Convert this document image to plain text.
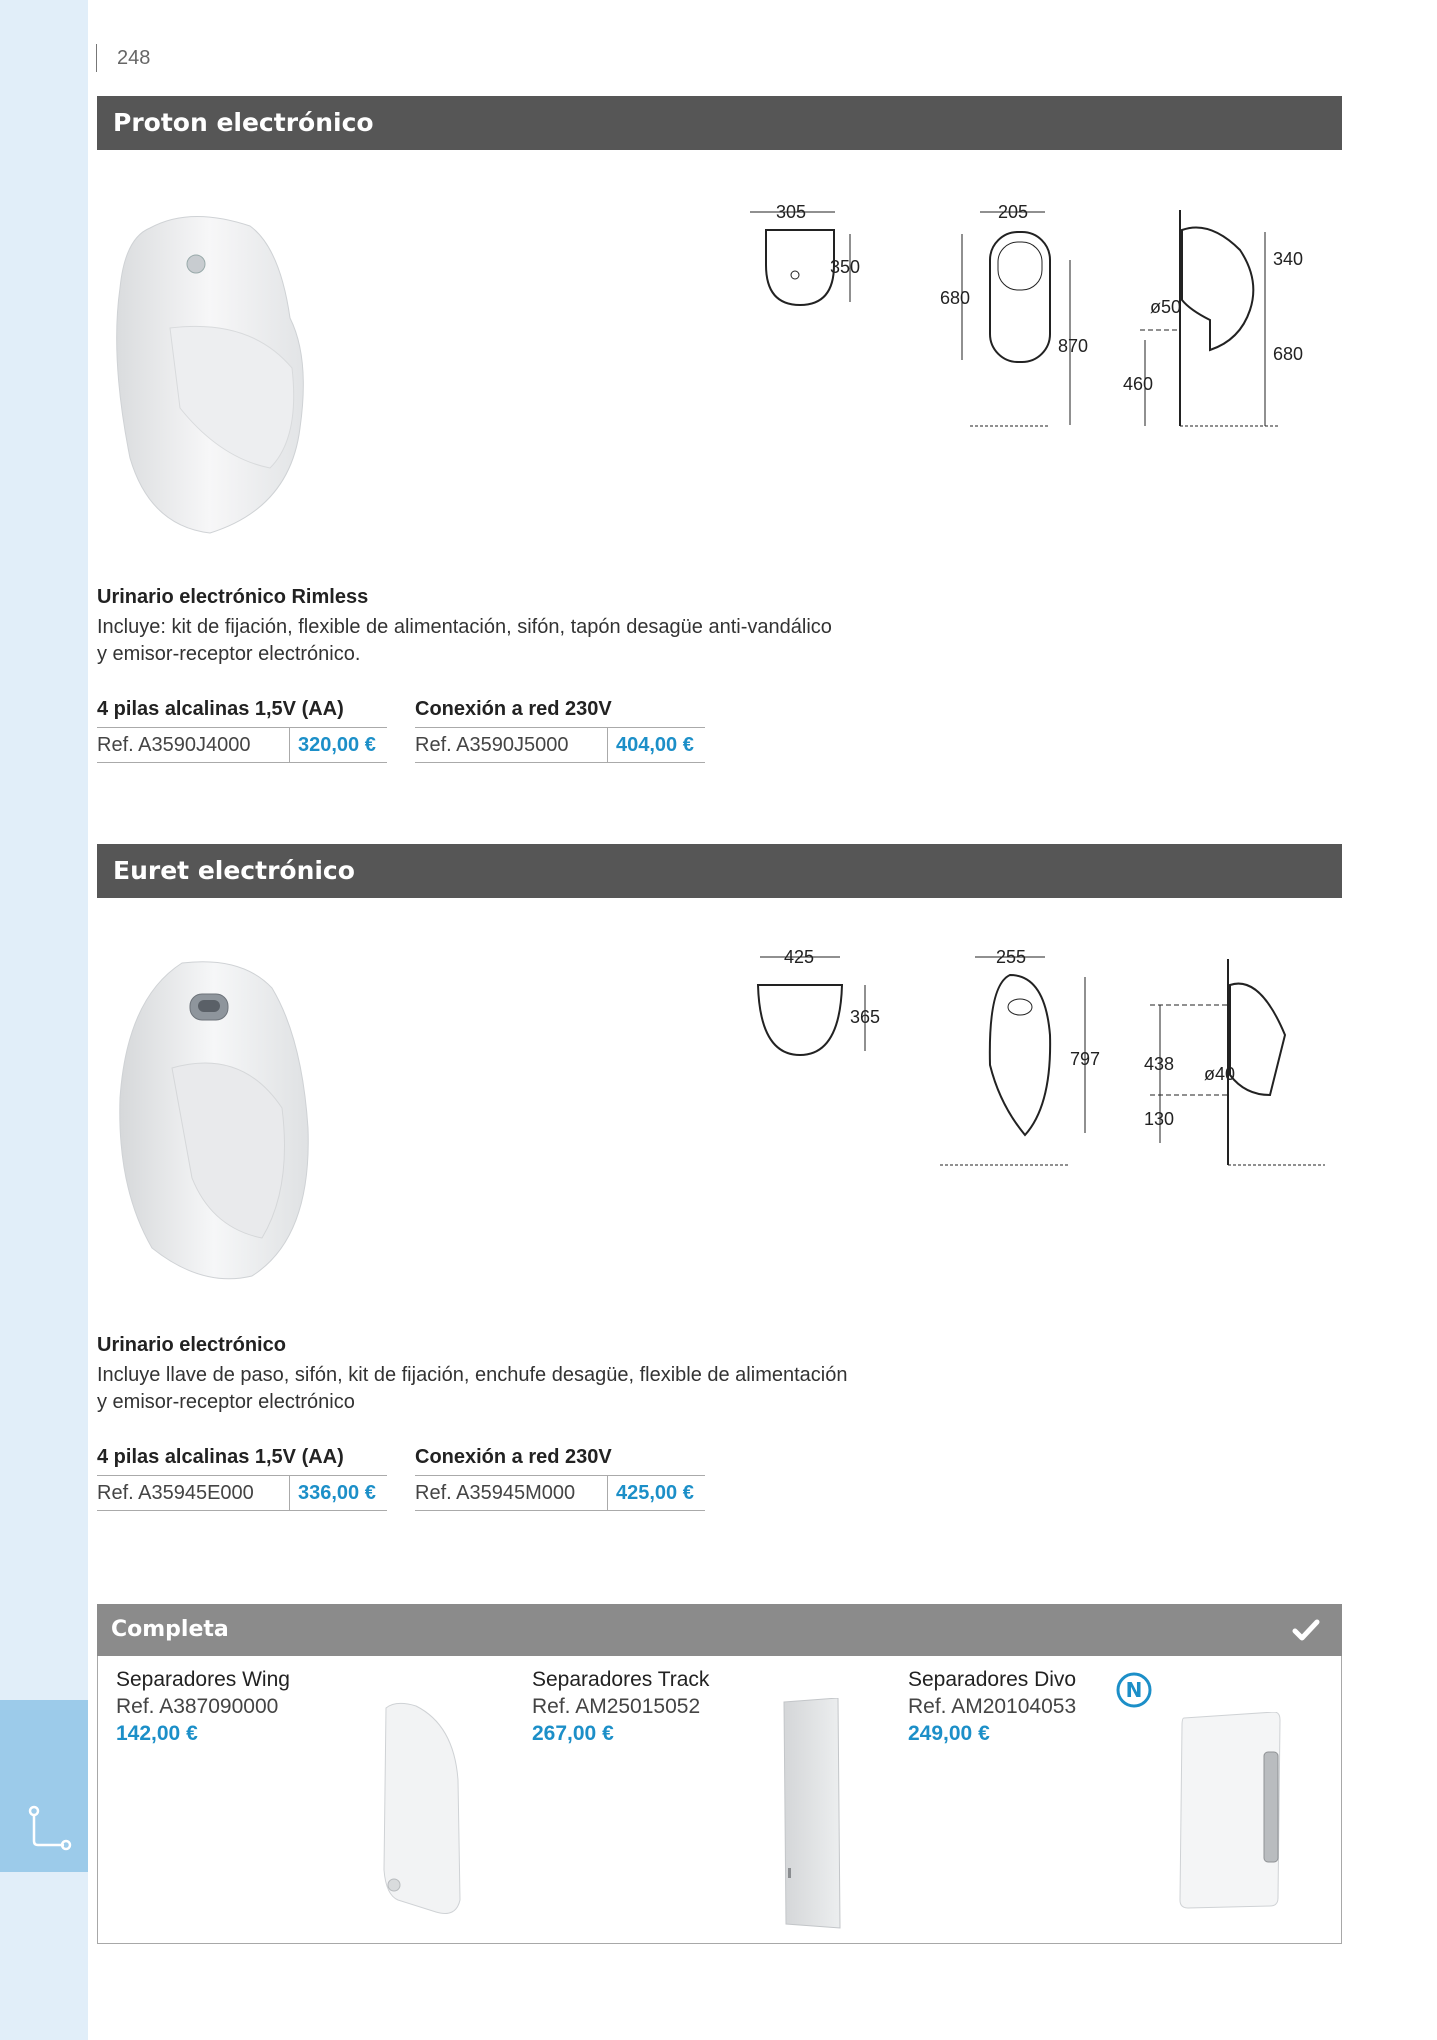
248
Proton electrónico
305
350
205
680
870
ø50
340
680
460
Urinario electrónico Rimless
Incluye: kit de fijación, flexible de alimentación, sifón, tapón desagüe anti-vandálico
y emisor-receptor electrónico.
4 pilas alcalinas 1,5V (AA)
Ref. A3590J4000	320,00 €
Conexión a red 230V
Ref. A3590J5000	404,00 €
Euret electrónico
425
365
255
797 438 ø40
130
Urinario electrónico
Incluye llave de paso, sifón, kit de fijación, enchufe desagüe, flexible de alimentación
y emisor-receptor electrónico
4 pilas alcalinas 1,5V (AA)
Ref. A35945E000	336,00 €
Conexión a red 230V
Ref. A35945M000	425,00 €
Completa
Separadores Wing
Ref. A387090000
142,00 €
Separadores Track
Ref. AM25015052
267,00 €
Separadores Divo
Ref. AM20104053
249,00 €
N
